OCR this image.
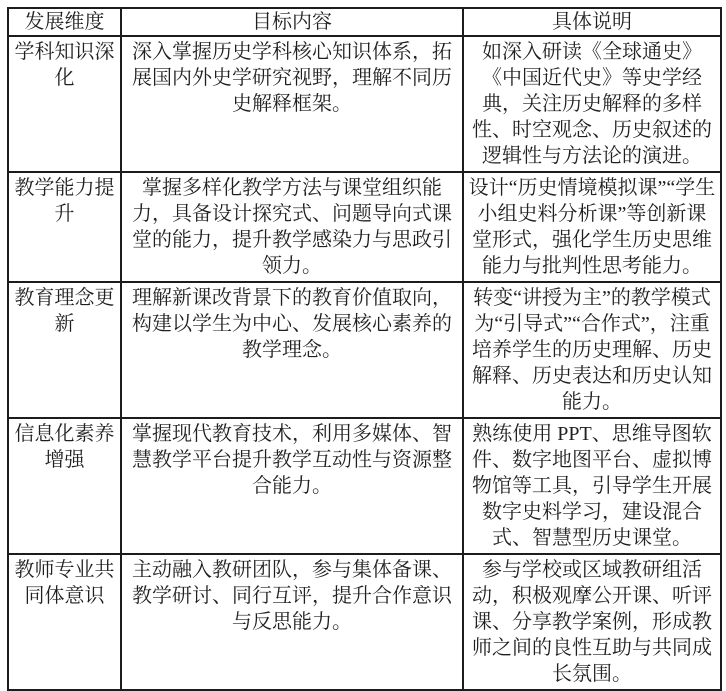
发展维度	目标内容	具体说明
学科知识深化	深入掌握历史学科核心知识体系，拓展国内外史学研究视野，理解不同历史解释框架。	如深入研读《全球通史》《中国近代史》等史学经典，关注历史解释的多样性、时空观念、历史叙述的逻辑性与方法论的演进。
教学能力提升	掌握多样化教学方法与课堂组织能力，具备设计探究式、问题导向式课堂的能力，提升教学感染力与思政引领力。	设计“历史情境模拟课”“学生小组史料分析课”等创新课堂形式，强化学生历史思维能力与批判性思考能力。
教育理念更新	理解新课改背景下的教育价值取向，构建以学生为中心、发展核心素养的教学理念。	转变“讲授为主”的教学模式为“引导式”“合作式”，注重培养学生的历史理解、历史解释、历史表达和历史认知能力。
信息化素养增强	掌握现代教育技术，利用多媒体、智慧教学平台提升教学互动性与资源整合能力。	熟练使用 PPT、思维导图软件、数字地图平台、虚拟博物馆等工具，引导学生开展数字史料学习，建设混合式、智慧型历史课堂。
教师专业共同体意识	主动融入教研团队，参与集体备课、教学研讨、同行互评，提升合作意识与反思能力。	参与学校或区域教研组活动，积极观摩公开课、听评课、分享教学案例，形成教师之间的良性互助与共同成长氛围。
